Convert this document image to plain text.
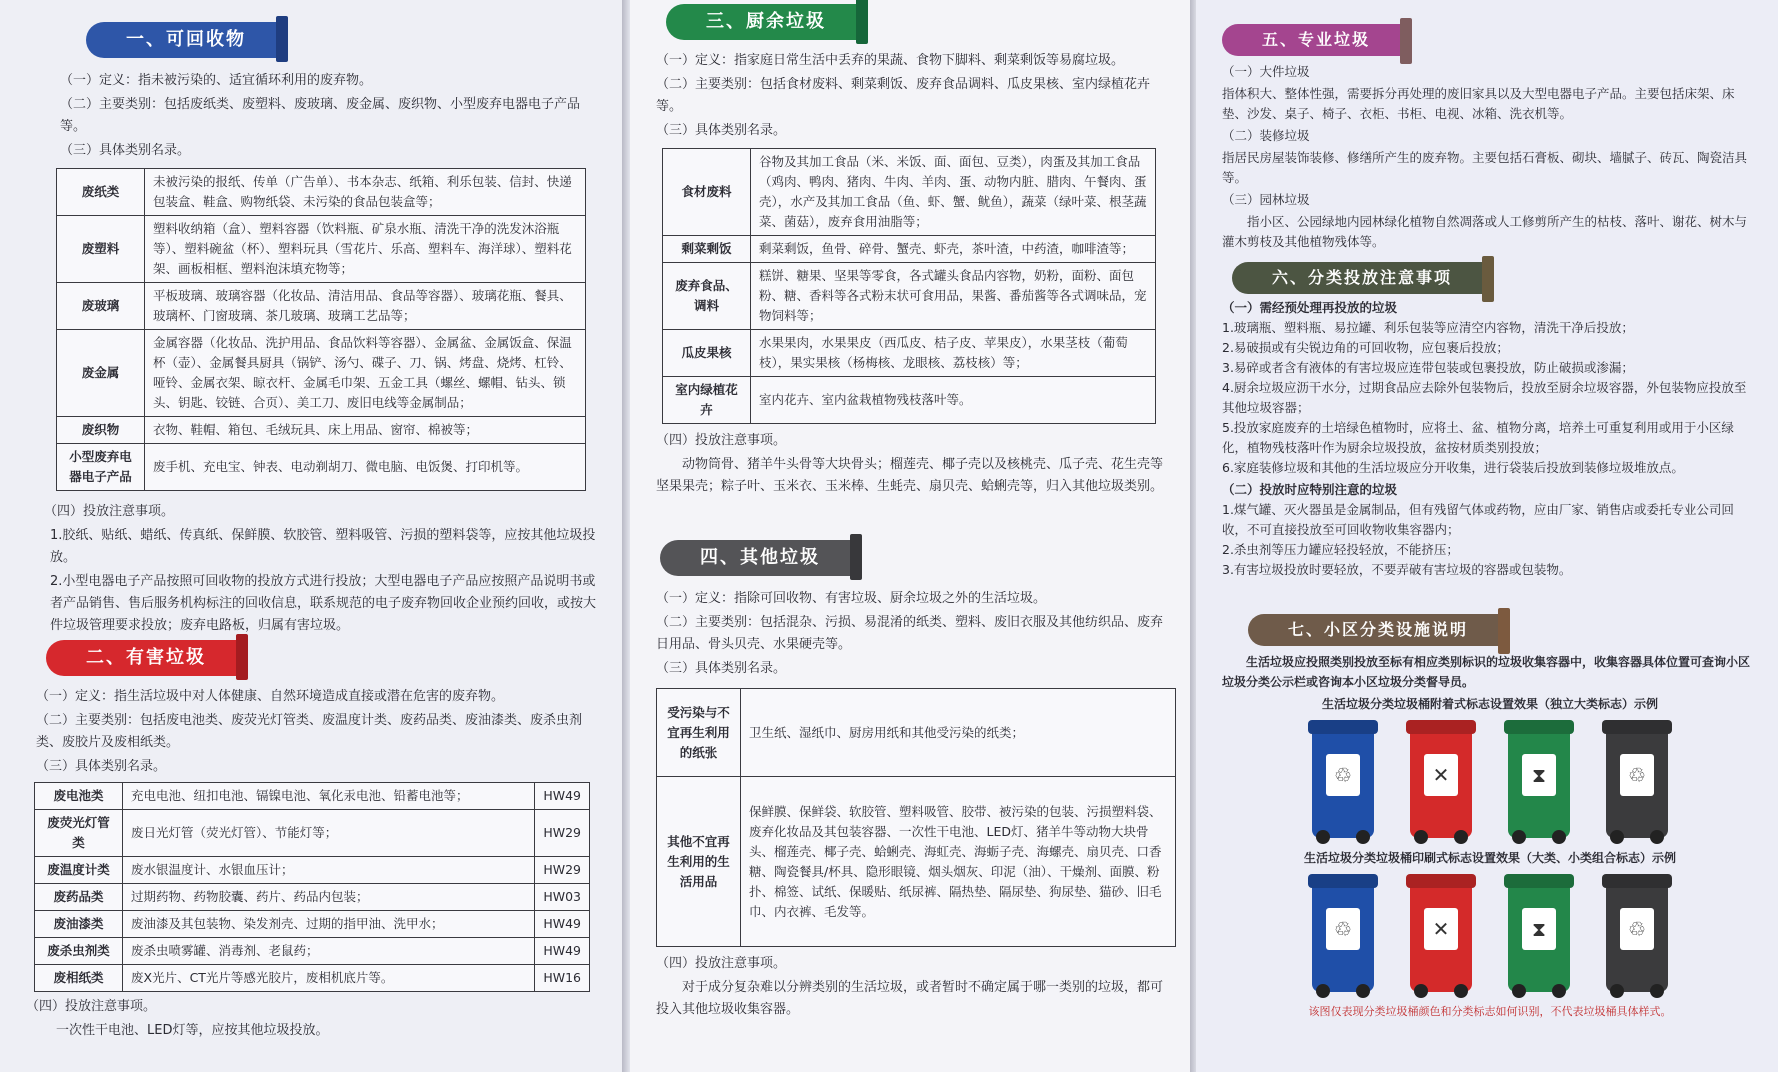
一、可回收物

（一）定义：指未被污染的、适宜循环利用的废弃物。

（二）主要类别：包括废纸类、废塑料、废玻璃、废金属、废织物、小型废弃电器电子产品等。

（三）具体类别名录。

废纸类	未被污染的报纸、传单（广告单）、书本杂志、纸箱、利乐包装、信封、快递包装盒、鞋盒、购物纸袋、未污染的食品包装盒等；
废塑料	塑料收纳箱（盒）、塑料容器（饮料瓶、矿泉水瓶、清洗干净的洗发沐浴瓶等）、塑料碗盆（杯）、塑料玩具（雪花片、乐高、塑料车、海洋球）、塑料花架、画板相框、塑料泡沫填充物等；
废玻璃	平板玻璃、玻璃容器（化妆品、清洁用品、食品等容器）、玻璃花瓶、餐具、玻璃杯、门窗玻璃、茶几玻璃、玻璃工艺品等；
废金属	金属容器（化妆品、洗护用品、食品饮料等容器）、金属盆、金属饭盒、保温杯（壶）、金属餐具厨具（锅铲、汤勺、碟子、刀、锅、烤盘、烧烤、杠铃、哑铃、金属衣架、晾衣杆、金属毛巾架、五金工具（螺丝、螺帽、钻头、锁头、钥匙、铰链、合页）、美工刀、废旧电线等金属制品；
废织物	衣物、鞋帽、箱包、毛绒玩具、床上用品、窗帘、棉被等；
小型废弃电器电子产品	废手机、充电宝、钟表、电动剃胡刀、微电脑、电饭煲、打印机等。

（四）投放注意事项。

1.胶纸、贴纸、蜡纸、传真纸、保鲜膜、软胶管、塑料吸管、污损的塑料袋等，应按其他垃圾投放。

2.小型电器电子产品按照可回收物的投放方式进行投放；大型电器电子产品应按照产品说明书或者产品销售、售后服务机构标注的回收信息，联系规范的电子废弃物回收企业预约回收，或按大件垃圾管理要求投放；废弃电路板，归属有害垃圾。

二、有害垃圾

（一）定义：指生活垃圾中对人体健康、自然环境造成直接或潜在危害的废弃物。

（二）主要类别：包括废电池类、废荧光灯管类、废温度计类、废药品类、废油漆类、废杀虫剂类、废胶片及废相纸类。

（三）具体类别名录。

废电池类	充电电池、纽扣电池、镉镍电池、氧化汞电池、铅蓄电池等；	HW49
废荧光灯管类	废日光灯管（荧光灯管）、节能灯等；	HW29
废温度计类	废水银温度计、水银血压计；	HW29
废药品类	过期药物、药物胶囊、药片、药品内包装；	HW03
废油漆类	废油漆及其包装物、染发剂壳、过期的指甲油、洗甲水；	HW49
废杀虫剂类	废杀虫喷雾罐、消毒剂、老鼠药；	HW49
废相纸类	废X光片、CT光片等感光胶片，废相机底片等。	HW16

（四）投放注意事项。

一次性干电池、LED灯等，应按其他垃圾投放。

三、厨余垃圾

（一）定义：指家庭日常生活中丢弃的果蔬、食物下脚料、剩菜剩饭等易腐垃圾。

（二）主要类别：包括食材废料、剩菜剩饭、废弃食品调料、瓜皮果核、室内绿植花卉等。

（三）具体类别名录。

食材废料	谷物及其加工食品（米、米饭、面、面包、豆类），肉蛋及其加工食品（鸡肉、鸭肉、猪肉、牛肉、羊肉、蛋、动物内脏、腊肉、午餐肉、蛋壳），水产及其加工食品（鱼、虾、蟹、鱿鱼），蔬菜（绿叶菜、根茎蔬菜、菌菇），废弃食用油脂等；
剩菜剩饭	剩菜剩饭，鱼骨、碎骨、蟹壳、虾壳，茶叶渣，中药渣，咖啡渣等；
废弃食品、调料	糕饼、糖果、坚果等零食，各式罐头食品内容物，奶粉，面粉、面包粉、糖、香料等各式粉末状可食用品，果酱、番茄酱等各式调味品，宠物饲料等；
瓜皮果核	水果果肉，水果果皮（西瓜皮、桔子皮、苹果皮），水果茎枝（葡萄枝），果实果核（杨梅核、龙眼核、荔枝核）等；
室内绿植花卉	室内花卉、室内盆栽植物残枝落叶等。

（四）投放注意事项。

动物筒骨、猪羊牛头骨等大块骨头；榴莲壳、椰子壳以及核桃壳、瓜子壳、花生壳等坚果果壳；粽子叶、玉米衣、玉米棒、生蚝壳、扇贝壳、蛤蜊壳等，归入其他垃圾类别。

四、其他垃圾

（一）定义：指除可回收物、有害垃圾、厨余垃圾之外的生活垃圾。

（二）主要类别：包括混杂、污损、易混淆的纸类、塑料、废旧衣服及其他纺织品、废弃日用品、骨头贝壳、水果硬壳等。

（三）具体类别名录。

受污染与不宜再生利用的纸张	卫生纸、湿纸巾、厨房用纸和其他受污染的纸类；
其他不宜再生利用的生活用品	保鲜膜、保鲜袋、软胶管、塑料吸管、胶带、被污染的包装、污损塑料袋、废弃化妆品及其包装容器、一次性干电池、LED灯、猪羊牛等动物大块骨头、榴莲壳、椰子壳、蛤蜊壳、海虹壳、海蛎子壳、海螺壳、扇贝壳、口香糖、陶瓷餐具/杯具、隐形眼镜、烟头烟灰、印泥（油）、干燥剂、面膜、粉扑、棉签、试纸、保暖贴、纸尿裤、隔热垫、隔尿垫、狗尿垫、猫砂、旧毛巾、内衣裤、毛发等。

（四）投放注意事项。

对于成分复杂难以分辨类别的生活垃圾，或者暂时不确定属于哪一类别的垃圾，都可投入其他垃圾收集容器。

五、专业垃圾

（一）大件垃圾

指体积大、整体性强，需要拆分再处理的废旧家具以及大型电器电子产品。主要包括床架、床垫、沙发、桌子、椅子、衣柜、书柜、电视、冰箱、洗衣机等。

（二）装修垃圾

指居民房屋装饰装修、修缮所产生的废弃物。主要包括石膏板、砌块、墙腻子、砖瓦、陶瓷洁具等。

（三）园林垃圾

指小区、公园绿地内园林绿化植物自然凋落或人工修剪所产生的枯枝、落叶、谢花、树木与灌木剪枝及其他植物残体等。

六、分类投放注意事项

（一）需经预处理再投放的垃圾

1.玻璃瓶、塑料瓶、易拉罐、利乐包装等应清空内容物，清洗干净后投放；

2.易破损或有尖锐边角的可回收物，应包裹后投放；

3.易碎或者含有液体的有害垃圾应连带包装或包裹投放，防止破损或渗漏；

4.厨余垃圾应沥干水分，过期食品应去除外包装物后，投放至厨余垃圾容器，外包装物应投放至其他垃圾容器；

5.投放家庭废弃的土培绿色植物时，应将土、盆、植物分离，培养土可重复利用或用于小区绿化，植物残枝落叶作为厨余垃圾投放，盆按材质类别投放；

6.家庭装修垃圾和其他的生活垃圾应分开收集，进行袋装后投放到装修垃圾堆放点。

（二）投放时应特别注意的垃圾

1.煤气罐、灭火器虽是金属制品，但有残留气体或药物，应由厂家、销售店或委托专业公司回收，不可直接投放至可回收物收集容器内；

2.杀虫剂等压力罐应轻投轻放，不能挤压；

3.有害垃圾投放时要轻放，不要弄破有害垃圾的容器或包装物。

七、小区分类设施说明

生活垃圾应投照类别投放至标有相应类别标识的垃圾收集容器中，收集容器具体位置可查询小区垃圾分类公示栏或咨询本小区垃圾分类督导员。

生活垃圾分类垃圾桶附着式标志设置效果（独立大类标志）示例

♲	✕	⧗	♲

生活垃圾分类垃圾桶印刷式标志设置效果（大类、小类组合标志）示例

♲	✕	⧗	♲

该图仅表现分类垃圾桶颜色和分类标志如何识别，不代表垃圾桶具体样式。
